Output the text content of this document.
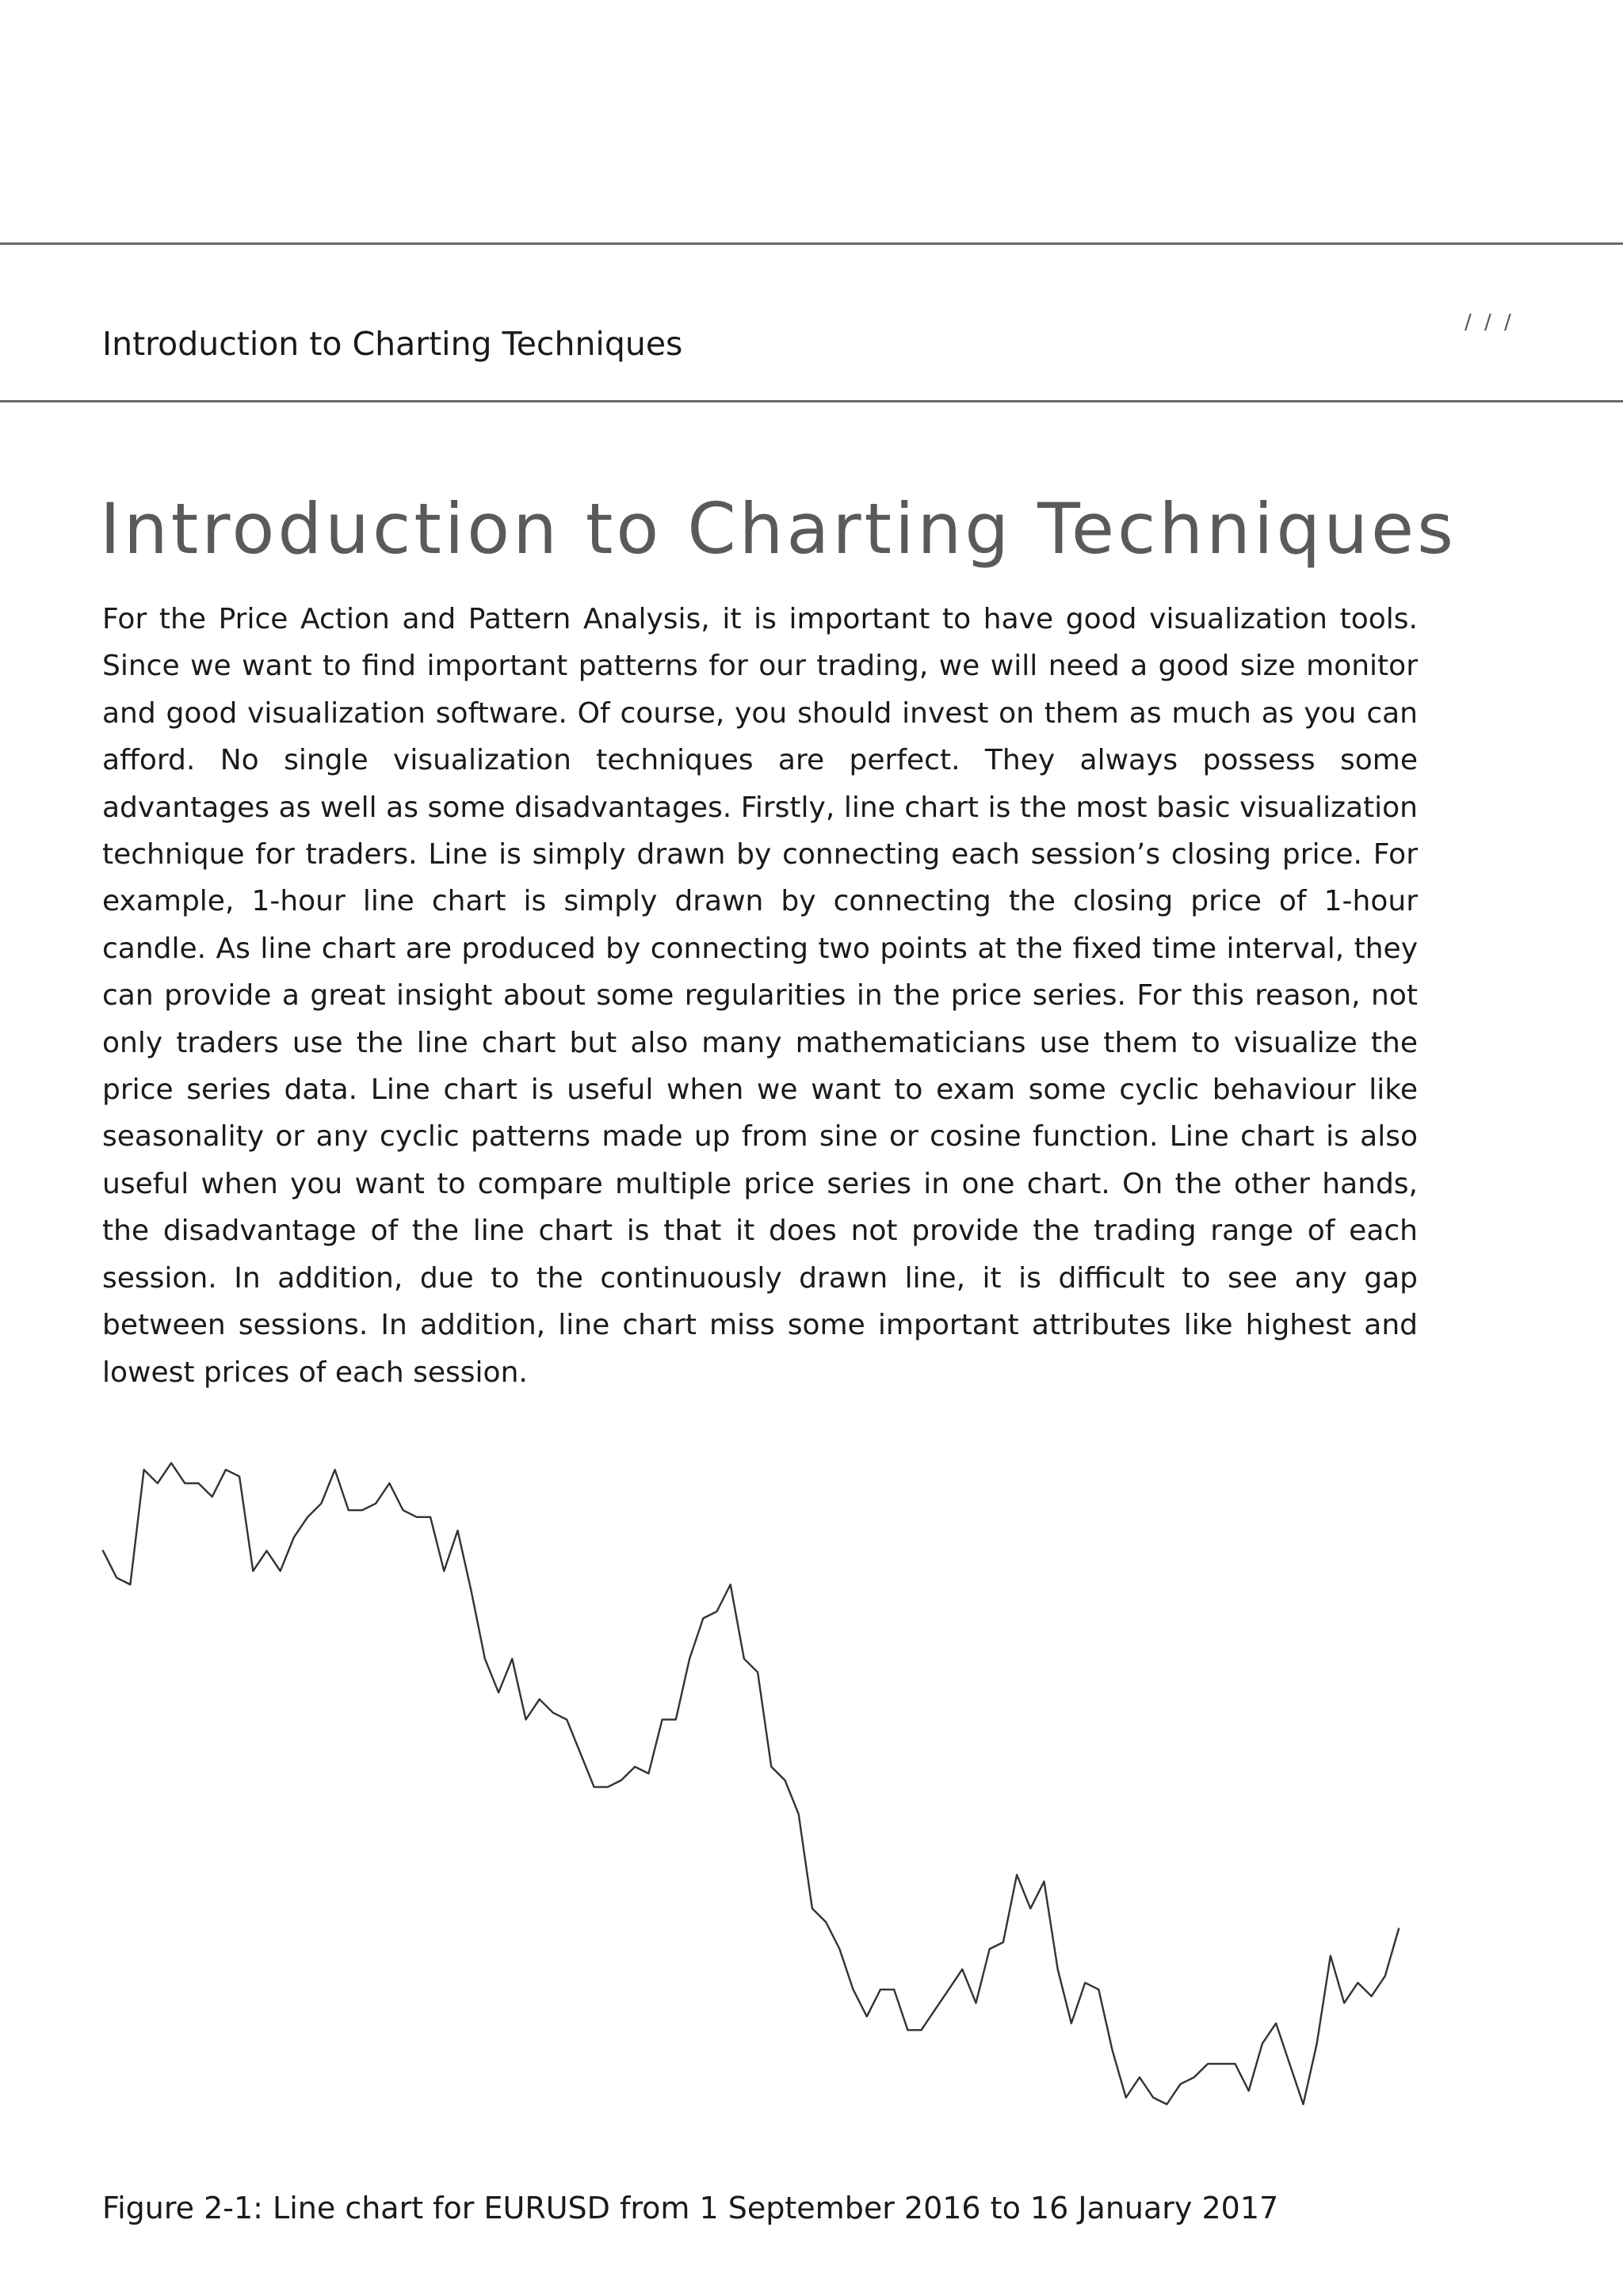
Introduction to Charting Techniques
/ / /
Introduction to Charting Techniques

For the Price Action and Pattern Analysis, it is important to have good visualization tools. Since we want to find important patterns for our trading, we will need a good size monitor and good visualization software. Of course, you should invest on them as much as you can afford. No single visualization techniques are perfect. They always possess some advantages as well as some disadvantages. Firstly, line chart is the most basic visualization technique for traders. Line is simply drawn by connecting each session’s closing price. For example, 1-hour line chart is simply drawn by connecting the closing price of 1-hour candle. As line chart are produced by connecting two points at the fixed time interval, they can provide a great insight about some regularities in the price series. For this reason, not only traders use the line chart but also many mathematicians use them to visualize the price series data. Line chart is useful when we want to exam some cyclic behaviour like seasonality or any cyclic patterns made up from sine or cosine function. Line chart is also useful when you want to compare multiple price series in one chart. On the other hands, the disadvantage of the line chart is that it does not provide the trading range of each session. In addition, due to the continuously drawn line, it is difficult to see any gap between sessions. In addition, line chart miss some important attributes like highest and lowest prices of each session.

Figure 2-1: Line chart for EURUSD from 1 September 2016 to 16 January 2017
